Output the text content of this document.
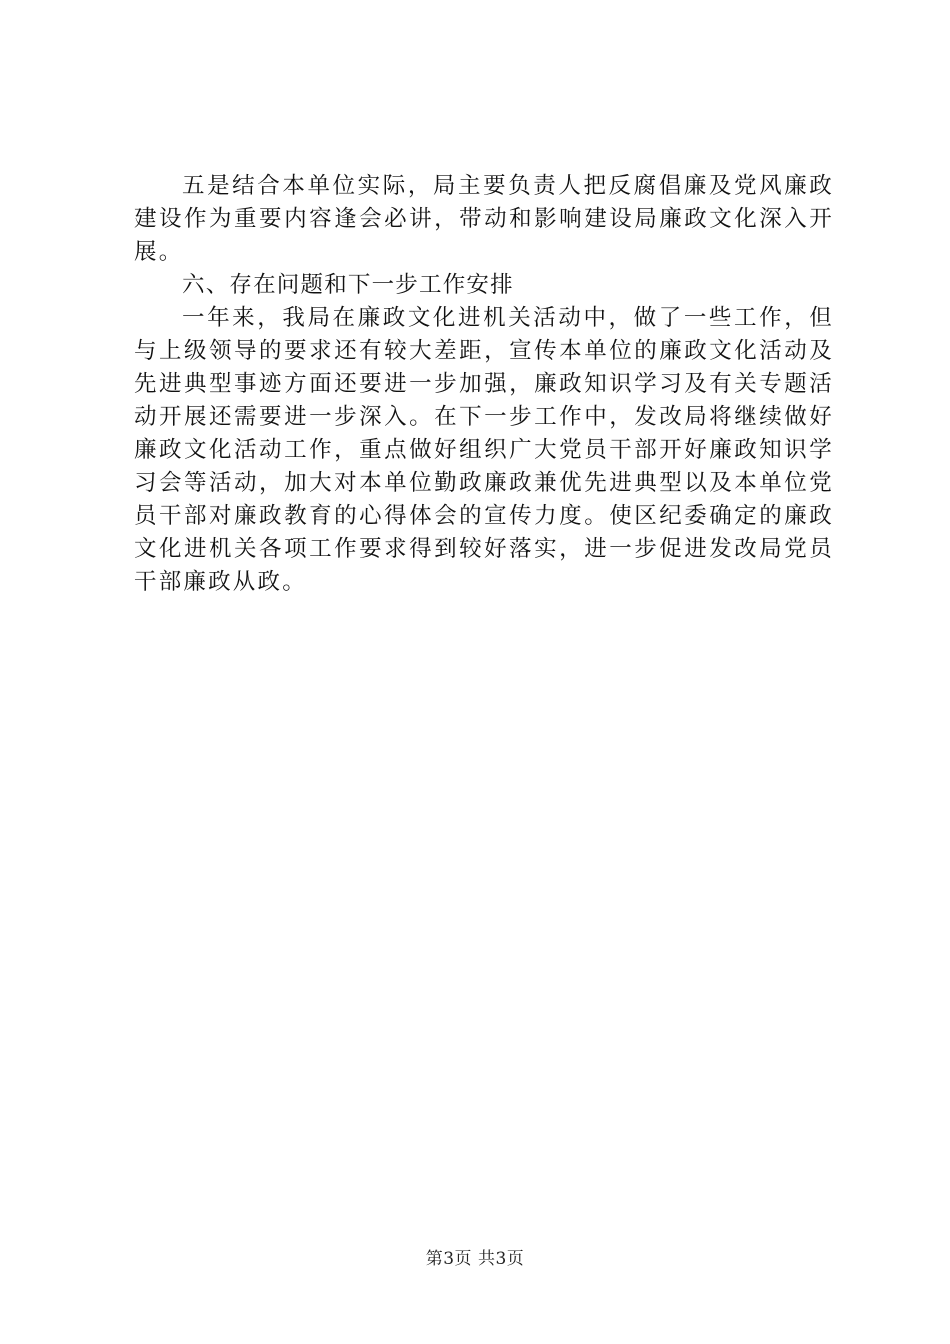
五是结合本单位实际，局主要负责人把反腐倡廉及党风廉政建设作为重要内容逢会必讲，带动和影响建设局廉政文化深入开展。

六、存在问题和下一步工作安排

一年来，我局在廉政文化进机关活动中，做了一些工作，但与上级领导的要求还有较大差距，宣传本单位的廉政文化活动及先进典型事迹方面还要进一步加强，廉政知识学习及有关专题活动开展还需要进一步深入。在下一步工作中，发改局将继续做好廉政文化活动工作，重点做好组织广大党员干部开好廉政知识学习会等活动，加大对本单位勤政廉政兼优先进典型以及本单位党员干部对廉政教育的心得体会的宣传力度。使区纪委确定的廉政文化进机关各项工作要求得到较好落实，进一步促进发改局党员干部廉政从政。

第3页 共3页
